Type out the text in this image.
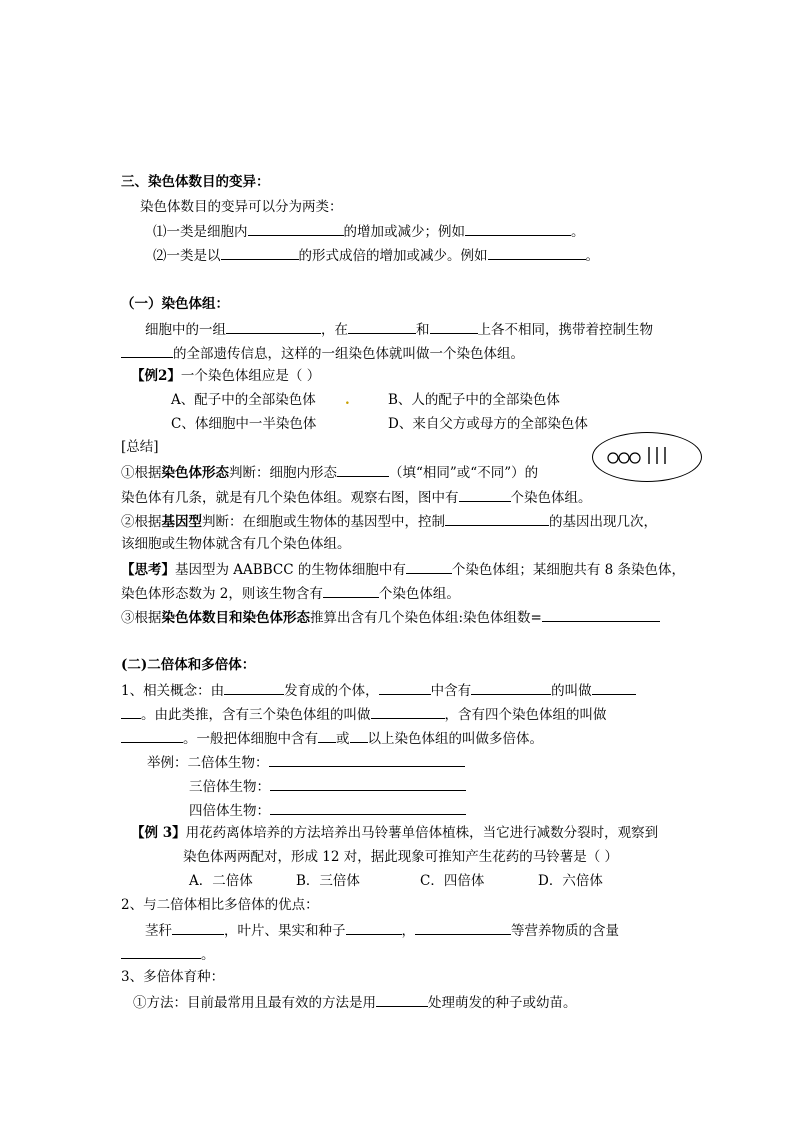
三、染色体数目的变异：
染色体数目的变异可以分为两类：
⑴一类是细胞内	的增加或减少；例如	。
⑵一类是以	的形式成倍的增加或减少。例如	。
（一）染色体组：
细胞中的一组	，在	和	上各不相同，携带着控制生物
的全部遗传信息，这样的一组染色体就叫做一个染色体组。
【例2】一个染色体组应是（ ）
A、配子中的全部染色体 .	B、人的配子中的全部染色体
C、体细胞中一半染色体	D、来自父方或母方的全部染色体
[总结]
①根据染色体形态判断：细胞内形态	（填“相同”或“不同”）的
染色体有几条，就是有几个染色体组。观察右图，图中有	个染色体组。
②根据基因型判断：在细胞或生物体的基因型中，控制	的基因出现几次，
该细胞或生物体就含有几个染色体组。
【思考】基因型为 AABBCC 的生物体细胞中有	个染色体组；某细胞共有 8 条染色体，
染色体形态数为 2，则该生物含有	个染色体组。
③根据染色体数目和染色体形态推算出含有几个染色体组:染色体组数=
(二)二倍体和多倍体：
1、相关概念：由	发育成的个体，	中含有	的叫做
。由此类推，含有三个染色体组的叫做	，含有四个染色体组的叫做
。一般把体细胞中含有 或 以上染色体组的叫做多倍体。
举例：二倍体生物：
三倍体生物：
四倍体生物：
【例 3】用花药离体培养的方法培养出马铃薯单倍体植株，当它进行减数分裂时，观察到
染色体两两配对，形成 12 对，据此现象可推知产生花药的马铃薯是（ ）
A．二倍体	B．三倍体	C．四倍体	D．六倍体
2、与二倍体相比多倍体的优点：
茎秆	，叶片、果实和种子	，	等营养物质的含量
。
3、多倍体育种：
①方法：目前最常用且最有效的方法是用	处理萌发的种子或幼苗。
